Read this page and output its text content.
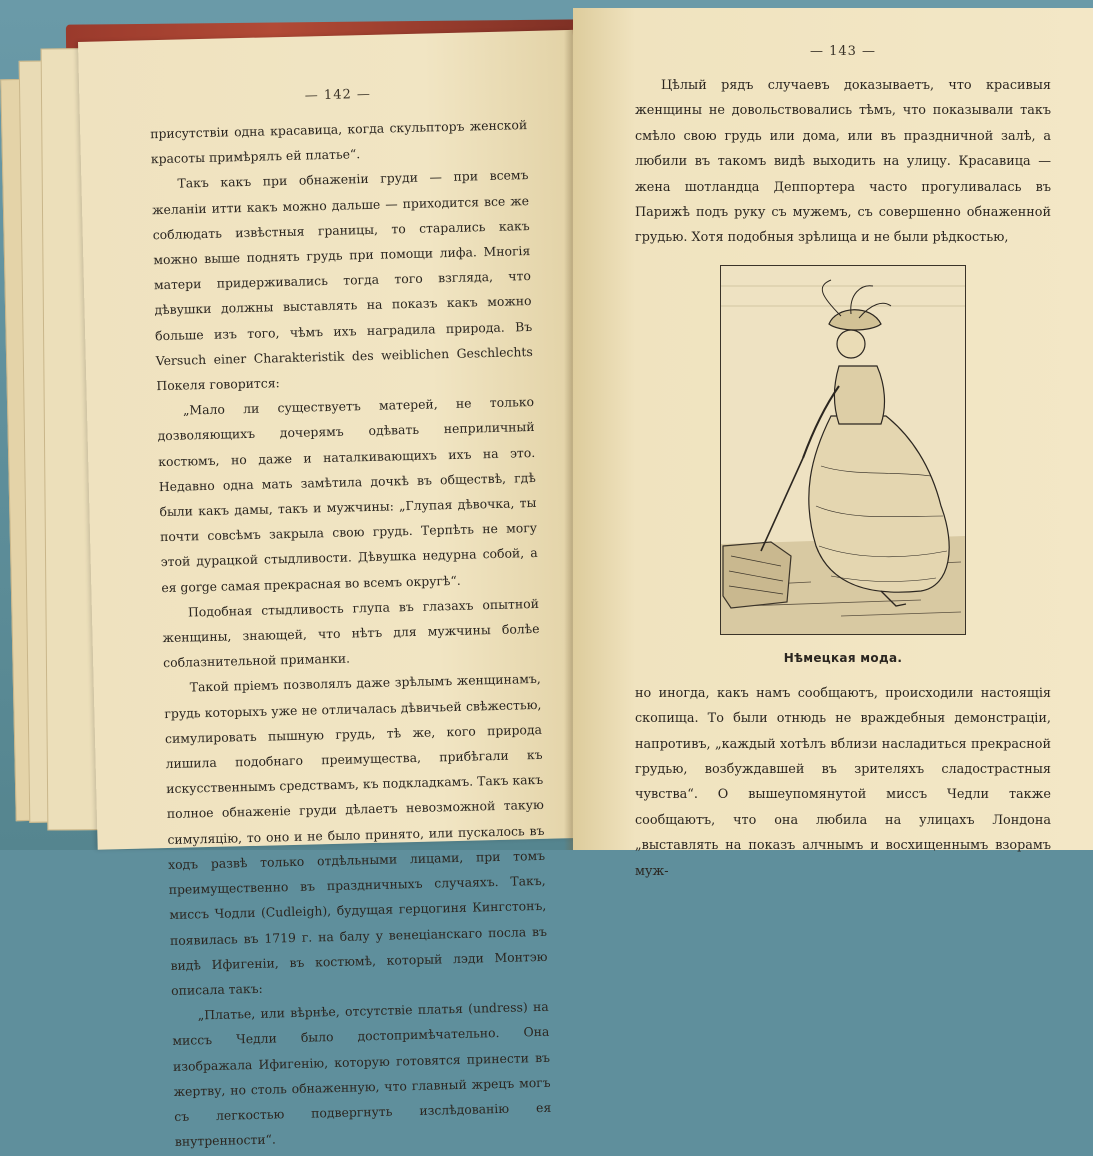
— 142 —

присутствіи одна красавица, когда скульпторъ женской красоты примѣрялъ ей платье“.

Такъ какъ при обнаженіи груди — при всемъ желаніи итти какъ можно дальше — приходится все же соблюдать извѣстныя границы, то старались какъ можно выше поднять грудь при помощи лифа. Многія матери придерживались тогда того взгляда, что дѣвушки должны выставлять на показъ какъ можно больше изъ того, чѣмъ ихъ наградила природа. Въ Versuch einer Charakteristik des weiblichen Geschlechts Покеля говорится:

„Мало ли существуетъ матерей, не только дозволяющихъ дочерямъ одѣвать неприличный костюмъ, но даже и наталкивающихъ ихъ на это. Недавно одна мать замѣтила дочкѣ въ обществѣ, гдѣ были какъ дамы, такъ и мужчины: „Глупая дѣвочка, ты почти совсѣмъ закрыла свою грудь. Терпѣть не могу этой дурацкой стыдливости. Дѣвушка недурна собой, а ея gorge самая прекрасная во всемъ округѣ“.

Подобная стыдливость глупа въ глазахъ опытной женщины, знающей, что нѣтъ для мужчины болѣе соблазнительной приманки.

Такой пріемъ позволялъ даже зрѣлымъ женщинамъ, грудь которыхъ уже не отличалась дѣвичьей свѣжестью, симулировать пышную грудь, тѣ же, кого природа лишила подобнаго преимущества, прибѣгали къ искусственнымъ средствамъ, къ подкладкамъ. Такъ какъ полное обнаженіе груди дѣлаетъ невозможной такую симуляцію, то оно и не было принято, или пускалось въ ходъ развѣ только отдѣльными лицами, при томъ преимущественно въ праздничныхъ случаяхъ. Такъ, миссъ Чодли (Cudleigh), будущая герцогиня Кингстонъ, появилась въ 1719 г. на балу у венеціанскаго посла въ видѣ Ифигеніи, въ костюмѣ, который лэди Монтэю описала такъ:

„Платье, или вѣрнѣе, отсутствіе платья (undress) на миссъ Чедли было достопримѣчательно. Она изображала Ифигенію, которую готовятся принести въ жертву, но столь обнаженную, что главный жрецъ могъ съ легкостью подвергнуть изслѣдованію ея внутренности“.

— 143 —

Цѣлый рядъ случаевъ доказываетъ, что красивыя женщины не довольствовались тѣмъ, что показывали такъ смѣло свою грудь или дома, или въ праздничной залѣ, а любили въ такомъ видѣ выходить на улицу. Красавица — жена шотландца Деппортера часто прогуливалась въ Парижѣ подъ руку съ мужемъ, съ совершенно обнаженной грудью. Хотя подобныя зрѣлища и не были рѣдкостью,

Нѣмецкая мода.

но иногда, какъ намъ сообщаютъ, происходили настоящія скопища. То были отнюдь не враждебныя демонстраціи, напротивъ, „каждый хотѣлъ вблизи насладиться прекрасной грудью, возбуждавшей въ зрителяхъ сладострастныя чувства“. О вышеупомянутой миссъ Чедли также сообщаютъ, что она любила на улицахъ Лондона „выставлять на показъ алчнымъ и восхищеннымъ взорамъ муж-
